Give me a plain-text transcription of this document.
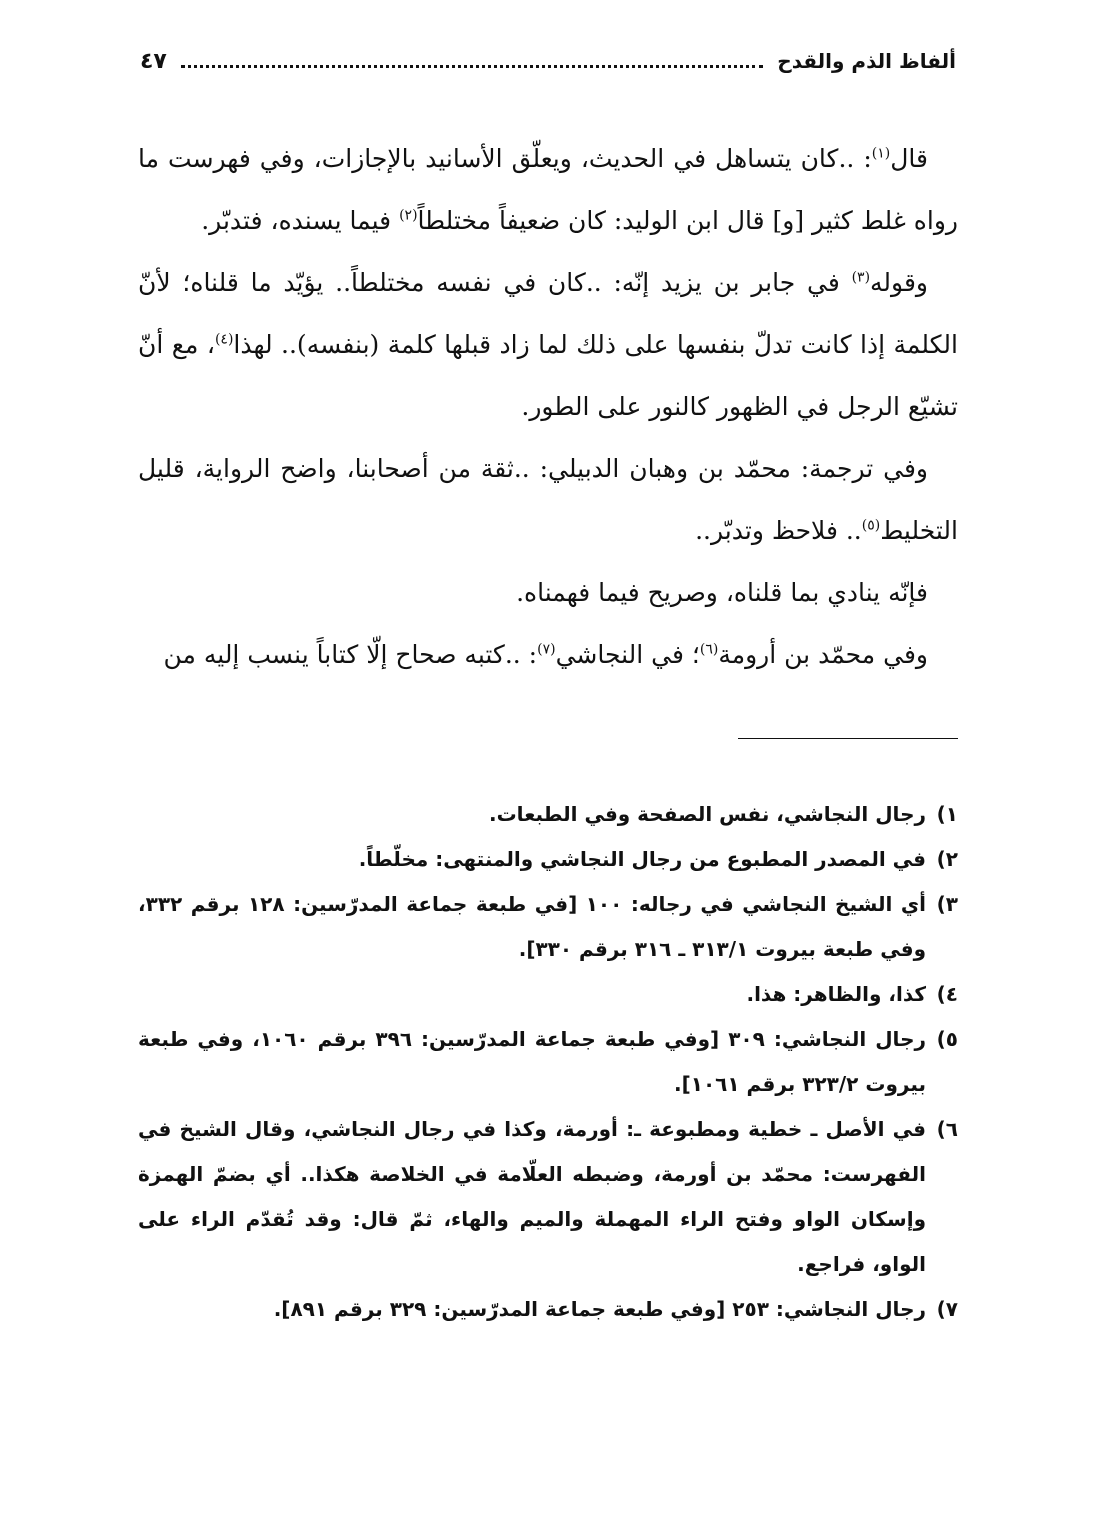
ألفاظ الذم والقدح
٤٧

قال$^{(١)}$: ..كان يتساهل في الحديث، ويعلّق الأسانيد بالإجازات، وفي فهرست ما رواه غلط كثير [و] قال ابن الوليد: كان ضعيفاً مختلطاً$^{(٢)}$ فيما يسنده، فتدبّر.

وقوله$^{(٣)}$ في جابر بن يزيد إنّه: ..كان في نفسه مختلطاً.. يؤيّد ما قلناه؛ لأنّ الكلمة إذا كانت تدلّ بنفسها على ذلك لما زاد قبلها كلمة (بنفسه).. لهذا$^{(٤)}$، مع أنّ تشيّع الرجل في الظهور كالنور على الطور.

وفي ترجمة: محمّد بن وهبان الدبيلي: ..ثقة من أصحابنا، واضح الرواية، قليل التخليط$^{(٥)}$.. فلاحظ وتدبّر..

فإنّه ينادي بما قلناه، وصريح فيما فهمناه.

وفي محمّد بن أرومة$^{(٦)}$؛ في النجاشي$^{(٧)}$: ..كتبه صحاح إلّا كتاباً ينسب إليه من

١)
رجال النجاشي، نفس الصفحة وفي الطبعات.
٢)
في المصدر المطبوع من رجال النجاشي والمنتهى: مخلّطاً.
٣)
أي الشيخ النجاشي في رجاله: ١٠٠ [في طبعة جماعة المدرّسين: ١٢٨ برقم ٣٣٢، وفي طبعة بيروت ٣١٣/١ ـ ٣١٦ برقم ٣٣٠].
٤)
كذا، والظاهر: هذا.
٥)
رجال النجاشي: ٣٠٩ [وفي طبعة جماعة المدرّسين: ٣٩٦ برقم ١٠٦٠، وفي طبعة بيروت ٣٢٣/٢ برقم ١٠٦١].
٦)
في الأصل ـ خطية ومطبوعة ـ: أورمة، وكذا في رجال النجاشي، وقال الشيخ في الفهرست: محمّد بن أورمة، وضبطه العلّامة في الخلاصة هكذا.. أي بضمّ الهمزة وإسكان الواو وفتح الراء المهملة والميم والهاء، ثمّ قال: وقد تُقدّم الراء على الواو، فراجع.
٧)
رجال النجاشي: ٢٥٣ [وفي طبعة جماعة المدرّسين: ٣٢٩ برقم ٨٩١].
